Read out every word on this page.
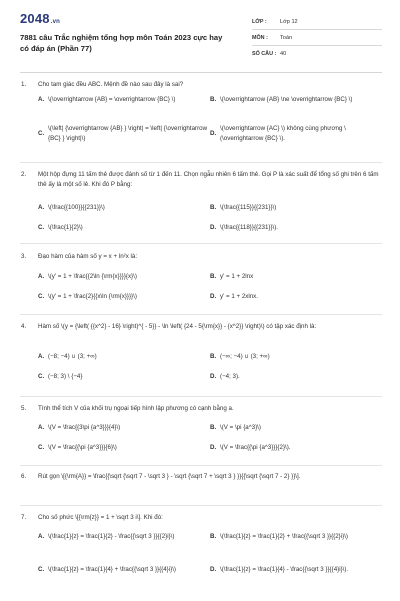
2048.vn
7881 câu Trắc nghiệm tổng hợp môn Toán 2023 cực hay có đáp án (Phần 77)
LỚP :	Lớp 12
MÔN :	Toán
SỐ CÂU : 40
1.	Cho tam giác đều ABC. Mệnh đề nào sau đây là sai?
A. \(\overrightarrow {AB} = \overrightarrow {BC} \)	B. \(\overrightarrow {AB} \ne \overrightarrow {BC} \)
C.
\(\left| {\overrightarrow {AB} } \right| = \left| {\overrightarrow {BC} } \right|\)
D.
\(\overrightarrow {AC} \) không cùng phương \(\overrightarrow {BC} \).
2.	Một hộp đựng 11 tấm thẻ được đánh số từ 1 đến 11. Chọn ngẫu nhiên 6 tấm thẻ. Gọi P là xác suất để tổng số ghi trên 6 tấm thẻ ấy là một số lẻ. Khi đó P bằng:
A. \(\frac{{100}}{{231}}\)	B. \(\frac{{115}}{{231}}\)
C. \(\frac{1}{2}\)	D. \(\frac{{118}}{{231}}\).
3.	Đạo hàm của hàm số y = x + ln²x là:
A. \(y' = 1 + \frac{{2\ln {\rm{x}}}}{x}\)	B. y' = 1 + 2lnx
C. \(y' = 1 + \frac{2}{{x\ln {\rm{x}}}}\)	D. y' = 1 + 2xlnx.
4.	Hàm số \(y = {\left( {{x^2} - 16} \right)^{ - 5}} - \ln \left( {24 - 5{\rm{x}} - {x^2}} \right)\) có tập xác định là:
A. (−8; −4) ∪ (3; +∞)	B. (−∞; −4) ∪ (3; +∞)
C. (−8; 3) \ {−4}	D. (−4; 3).
5.	Tính thể tích V của khối trụ ngoại tiếp hình lập phương có cạnh bằng a.
A. \(V = \frac{{3\pi {a^3}}}{4}\)	B. \(V = \pi {a^3}\)
C. \(V = \frac{{\pi {a^3}}}{6}\)	D. \(V = \frac{{\pi {a^3}}}{2}\).
6.	Rút gọn \[{\rm{A}} = \frac{{\sqrt {\sqrt 7 - \sqrt 3 } - \sqrt {\sqrt 7 + \sqrt 3 } }}{{\sqrt {\sqrt 7 - 2} }}\].
7.	Cho số phức \[{\rm{z}} = 1 + \sqrt 3 i\]. Khi đó:
A. \(\frac{1}{z} = \frac{1}{2} - \frac{{\sqrt 3 }}{{2}i}\)	B. \(\frac{1}{z} = \frac{1}{2} + \frac{{\sqrt 3 }}{{2}i}\)
C. \(\frac{1}{z} = \frac{1}{4} + \frac{{\sqrt 3 }}{{4}i}\)	D. \(\frac{1}{z} = \frac{1}{4} - \frac{{\sqrt 3 }}{{4}i}\).
